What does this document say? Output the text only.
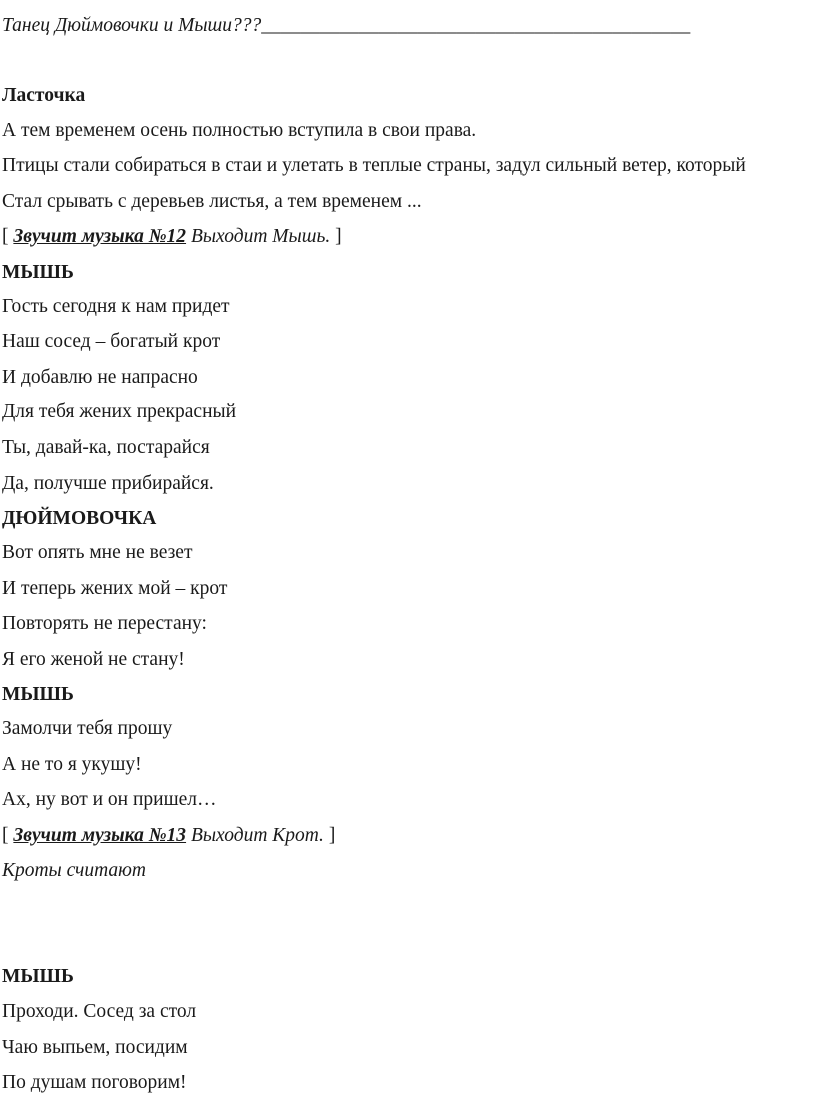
Танец Дюймовочки и Мыши???____________________________________________
Ласточка
А тем временем осень полностью вступила в свои права.
Птицы стали собираться в стаи и улетать в теплые страны, задул сильный ветер, который
Стал срывать с деревьев листья, а тем временем ...
[ Звучит музыка №12 Выходит Мышь. ]
МЫШЬ
Гость сегодня к нам придет
Наш сосед – богатый крот
И добавлю не напрасно
Для тебя жених прекрасный
Ты, давай-ка, постарайся
Да, получше прибирайся.
ДЮЙМОВОЧКА
Вот опять мне не везет
И теперь жених мой – крот
Повторять не перестану:
Я его женой не стану!
МЫШЬ
Замолчи тебя прошу
А не то я укушу!
Ах, ну вот и он пришел…
[ Звучит музыка №13 Выходит Крот. ]
Кроты считают
МЫШЬ
Проходи. Сосед за стол
Чаю выпьем, посидим
По душам поговорим!
